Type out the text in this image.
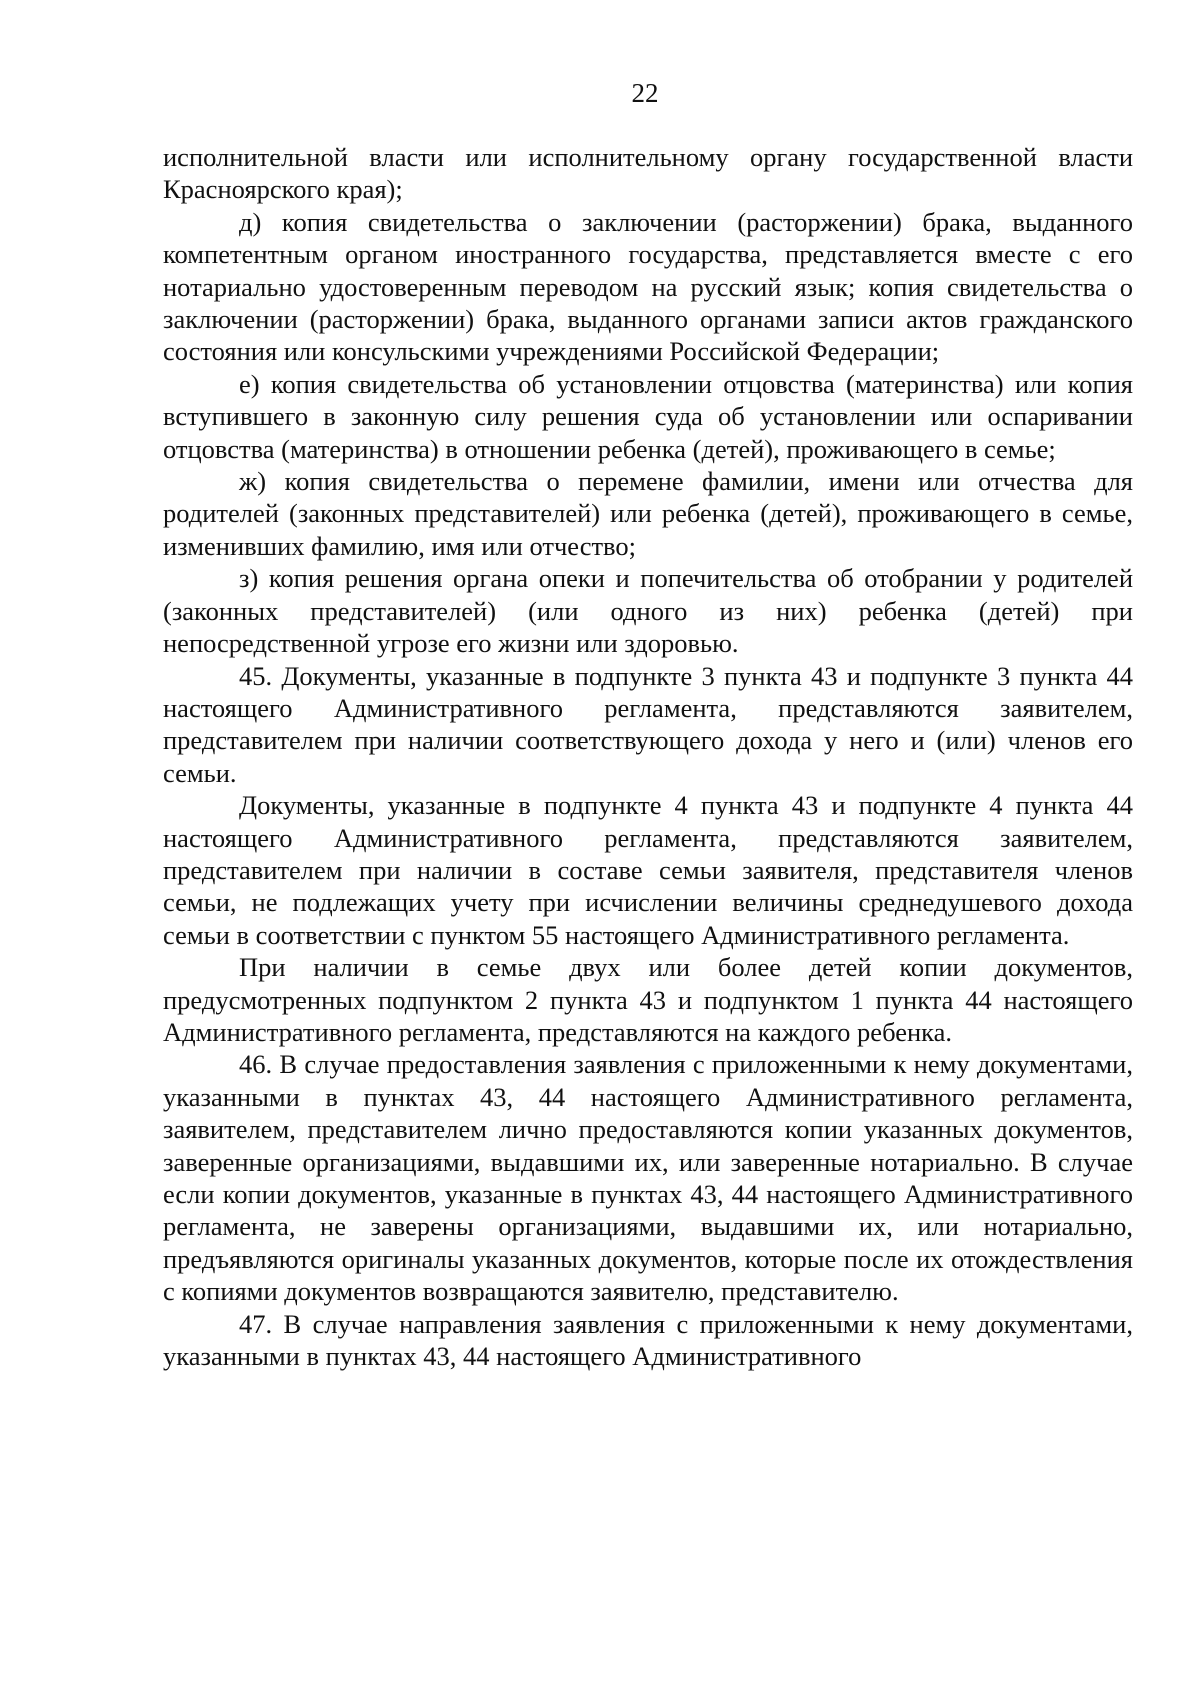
22

исполнительной власти или исполнительному органу государственной власти Красноярского края);

д) копия свидетельства о заключении (расторжении) брака, выданного компетентным органом иностранного государства, представляется вместе с его нотариально удостоверенным переводом на русский язык; копия свидетельства о заключении (расторжении) брака, выданного органами записи актов гражданского состояния или консульскими учреждениями Российской Федерации;

е) копия свидетельства об установлении отцовства (материнства) или копия вступившего в законную силу решения суда об установлении или оспаривании отцовства (материнства) в отношении ребенка (детей), проживающего в семье;

ж) копия свидетельства о перемене фамилии, имени или отчества для родителей (законных представителей) или ребенка (детей), проживающего в семье, изменивших фамилию, имя или отчество;

з) копия решения органа опеки и попечительства об отобрании у родителей (законных представителей) (или одного из них) ребенка (детей) при непосредственной угрозе его жизни или здоровью.

45. Документы, указанные в подпункте 3 пункта 43 и подпункте 3 пункта 44 настоящего Административного регламента, представляются заявителем, представителем при наличии соответствующего дохода у него и (или) членов его семьи.

Документы, указанные в подпункте 4 пункта 43 и подпункте 4 пункта 44 настоящего Административного регламента, представляются заявителем, представителем при наличии в составе семьи заявителя, представителя членов семьи, не подлежащих учету при исчислении величины среднедушевого дохода семьи в соответствии с пунктом 55 настоящего Административного регламента.

При наличии в семье двух или более детей копии документов, предусмотренных подпунктом 2 пункта 43 и подпунктом 1 пункта 44 настоящего Административного регламента, представляются на каждого ребенка.

46. В случае предоставления заявления с приложенными к нему документами, указанными в пунктах 43, 44 настоящего Административного регламента, заявителем, представителем лично предоставляются копии указанных документов, заверенные организациями, выдавшими их, или заверенные нотариально. В случае если копии документов, указанные в пунктах 43, 44 настоящего Административного регламента, не заверены организациями, выдавшими их, или нотариально, предъявляются оригиналы указанных документов, которые после их отождествления с копиями документов возвращаются заявителю, представителю.

47. В случае направления заявления с приложенными к нему документами, указанными в пунктах 43, 44 настоящего Административного
